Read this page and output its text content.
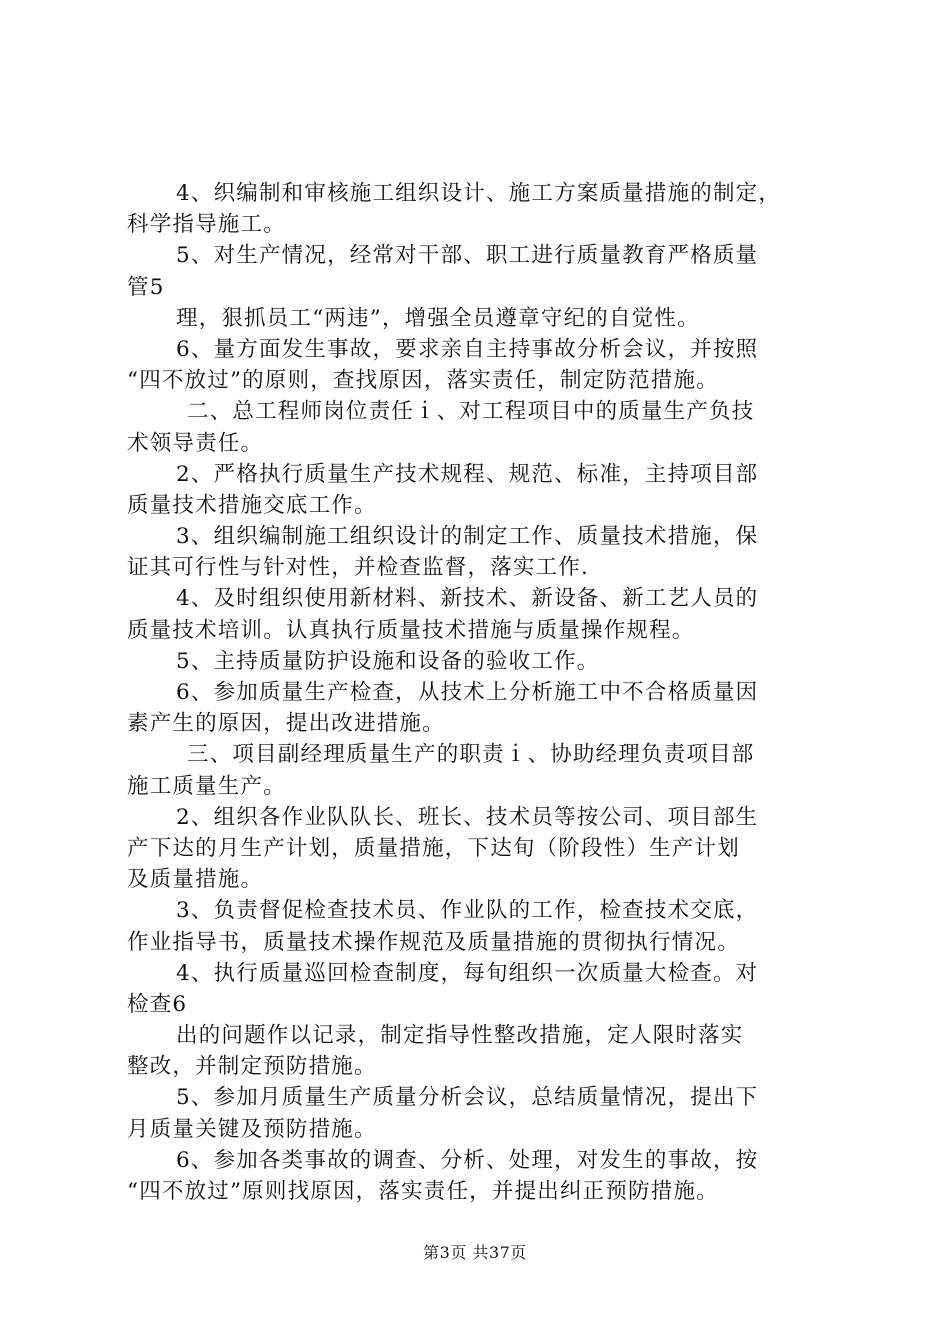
4、织编制和审核施工组织设计、施工方案质量措施的制定，
科学指导施工。
5、对生产情况，经常对干部、职工进行质量教育严格质量
管5
理，狠抓员工“两违”，增强全员遵章守纪的自觉性。
6、量方面发生事故，要求亲自主持事故分析会议，并按照
“四不放过”的原则，查找原因，落实责任，制定防范措施。
二、总工程师岗位责任ｉ、对工程项目中的质量生产负技
术领导责任。
2、严格执行质量生产技术规程、规范、标准，主持项目部
质量技术措施交底工作。
3、组织编制施工组织设计的制定工作、质量技术措施，保
证其可行性与针对性，并检查监督，落实工作.
4、及时组织使用新材料、新技术、新设备、新工艺人员的
质量技术培训。认真执行质量技术措施与质量操作规程。
5、主持质量防护设施和设备的验收工作。
6、参加质量生产检查，从技术上分析施工中不合格质量因
素产生的原因，提出改进措施。
三、项目副经理质量生产的职责ｉ、协助经理负责项目部
施工质量生产。
2、组织各作业队队长、班长、技术员等按公司、项目部生
产下达的月生产计划，质量措施，下达旬（阶段性）生产计划
及质量措施。
3、负责督促检查技术员、作业队的工作，检查技术交底，
作业指导书，质量技术操作规范及质量措施的贯彻执行情况。
4、执行质量巡回检查制度，每旬组织一次质量大检查。对
检查6
出的问题作以记录，制定指导性整改措施，定人限时落实
整改，并制定预防措施。
5、参加月质量生产质量分析会议，总结质量情况，提出下
月质量关键及预防措施。
6、参加各类事故的调查、分析、处理，对发生的事故，按
“四不放过”原则找原因，落实责任，并提出纠正预防措施。
第3页 共37页
